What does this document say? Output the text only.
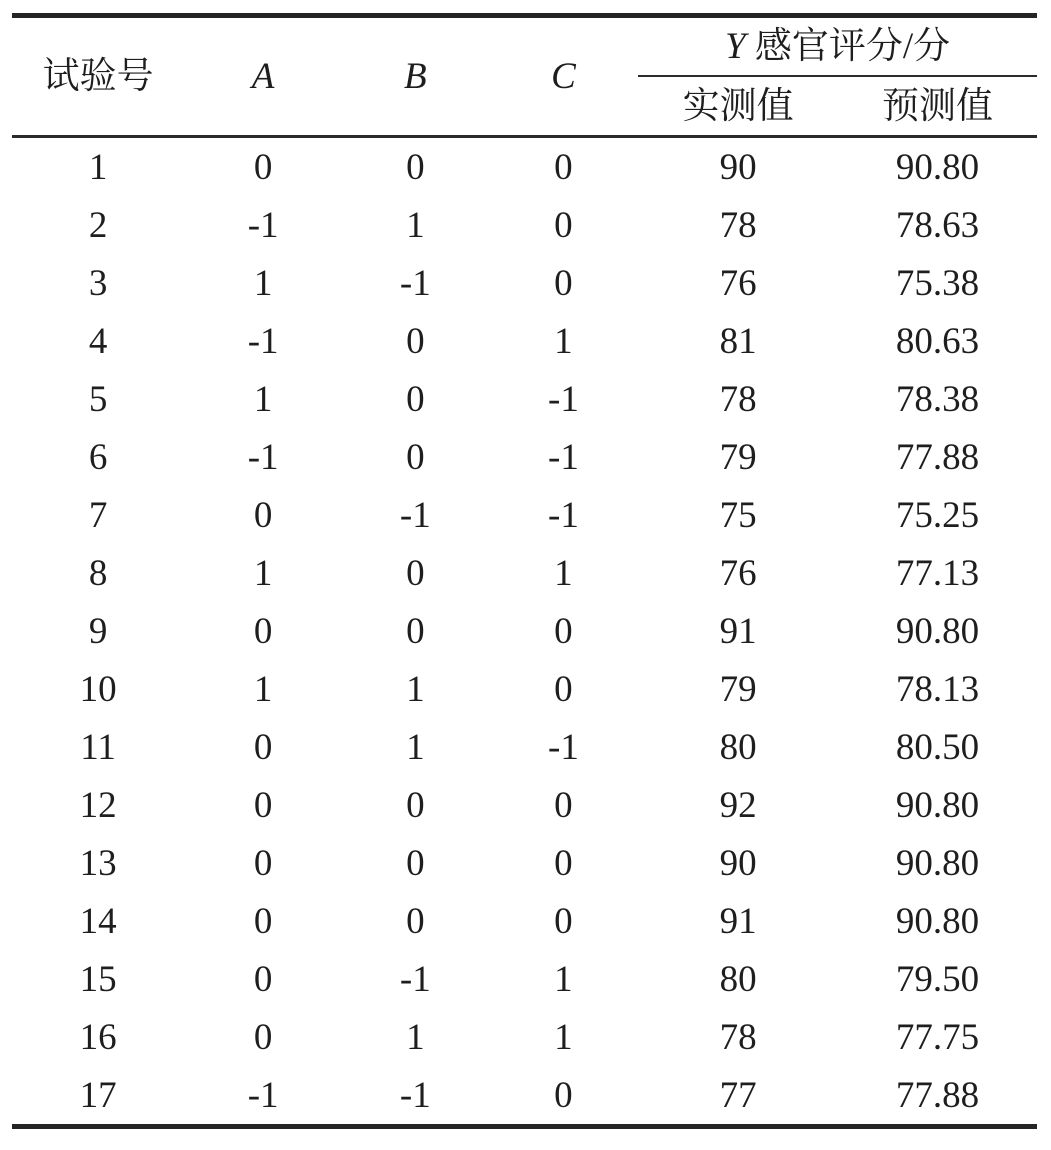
试验号	A	B	C	Y 感官评分/分	
				实测值	预测值
1	0	0	0	90	90.80
2	-1	1	0	78	78.63
3	1	-1	0	76	75.38
4	-1	0	1	81	80.63
5	1	0	-1	78	78.38
6	-1	0	-1	79	77.88
7	0	-1	-1	75	75.25
8	1	0	1	76	77.13
9	0	0	0	91	90.80
10	1	1	0	79	78.13
11	0	1	-1	80	80.50
12	0	0	0	92	90.80
13	0	0	0	90	90.80
14	0	0	0	91	90.80
15	0	-1	1	80	79.50
16	0	1	1	78	77.75
17	-1	-1	0	77	77.88
